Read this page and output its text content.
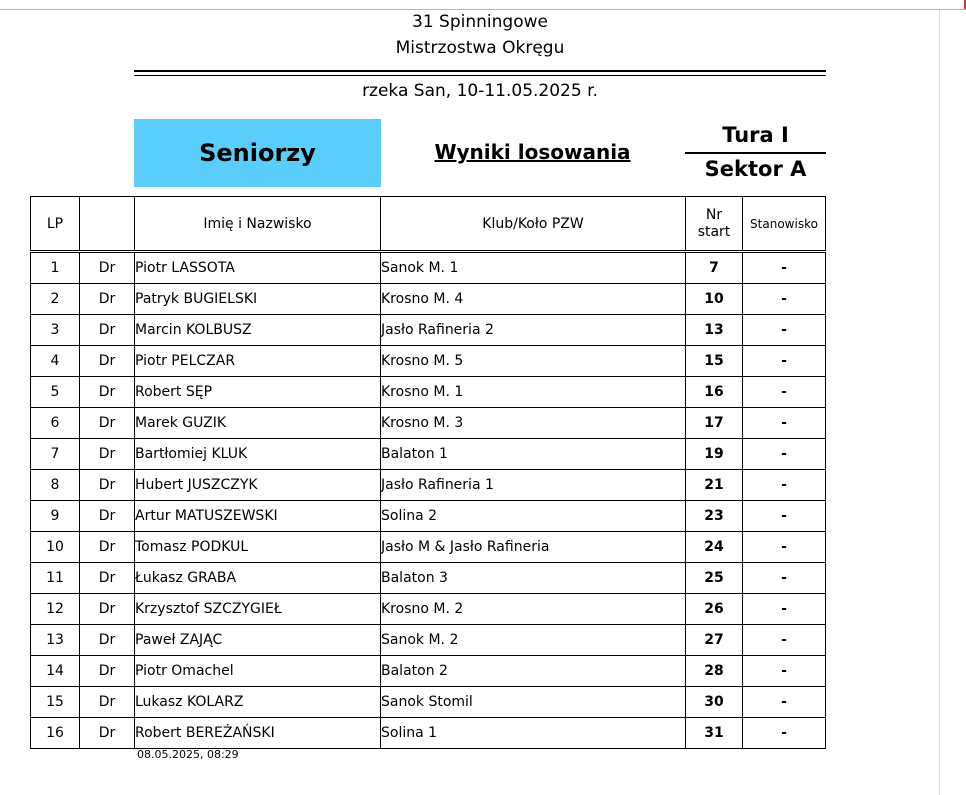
31 Spinningowe
Mistrzostwa Okręgu
rzeka San, 10-11.05.2025 r.
Seniorzy	Wyniki losowania
Tura I
Sektor A
LP		Imię i Nazwisko	Klub/Koło PZW	Nr
start	Stanowisko
1	Dr	Piotr LASSOTA	Sanok M. 1	7	-
2	Dr	Patryk BUGIELSKI	Krosno M. 4	10	-
3	Dr	Marcin KOLBUSZ	Jasło Rafineria 2	13	-
4	Dr	Piotr PELCZAR	Krosno M. 5	15	-
5	Dr	Robert SĘP	Krosno M. 1	16	-
6	Dr	Marek GUZIK	Krosno M. 3	17	-
7	Dr	Bartłomiej KLUK	Balaton 1	19	-
8	Dr	Hubert JUSZCZYK	Jasło Rafineria 1	21	-
9	Dr	Artur MATUSZEWSKI	Solina 2	23	-
10	Dr	Tomasz PODKUL	Jasło M & Jasło Rafineria	24	-
11	Dr	Łukasz GRABA	Balaton 3	25	-
12	Dr	Krzysztof SZCZYGIEŁ	Krosno M. 2	26	-
13	Dr	Paweł ZAJĄC	Sanok M. 2	27	-
14	Dr	Piotr Omachel	Balaton 2	28	-
15	Dr	Lukasz KOLARZ	Sanok Stomil	30	-
16	Dr	Robert BEREŻAŃSKI	Solina 1	31	-
08.05.2025, 08:29
